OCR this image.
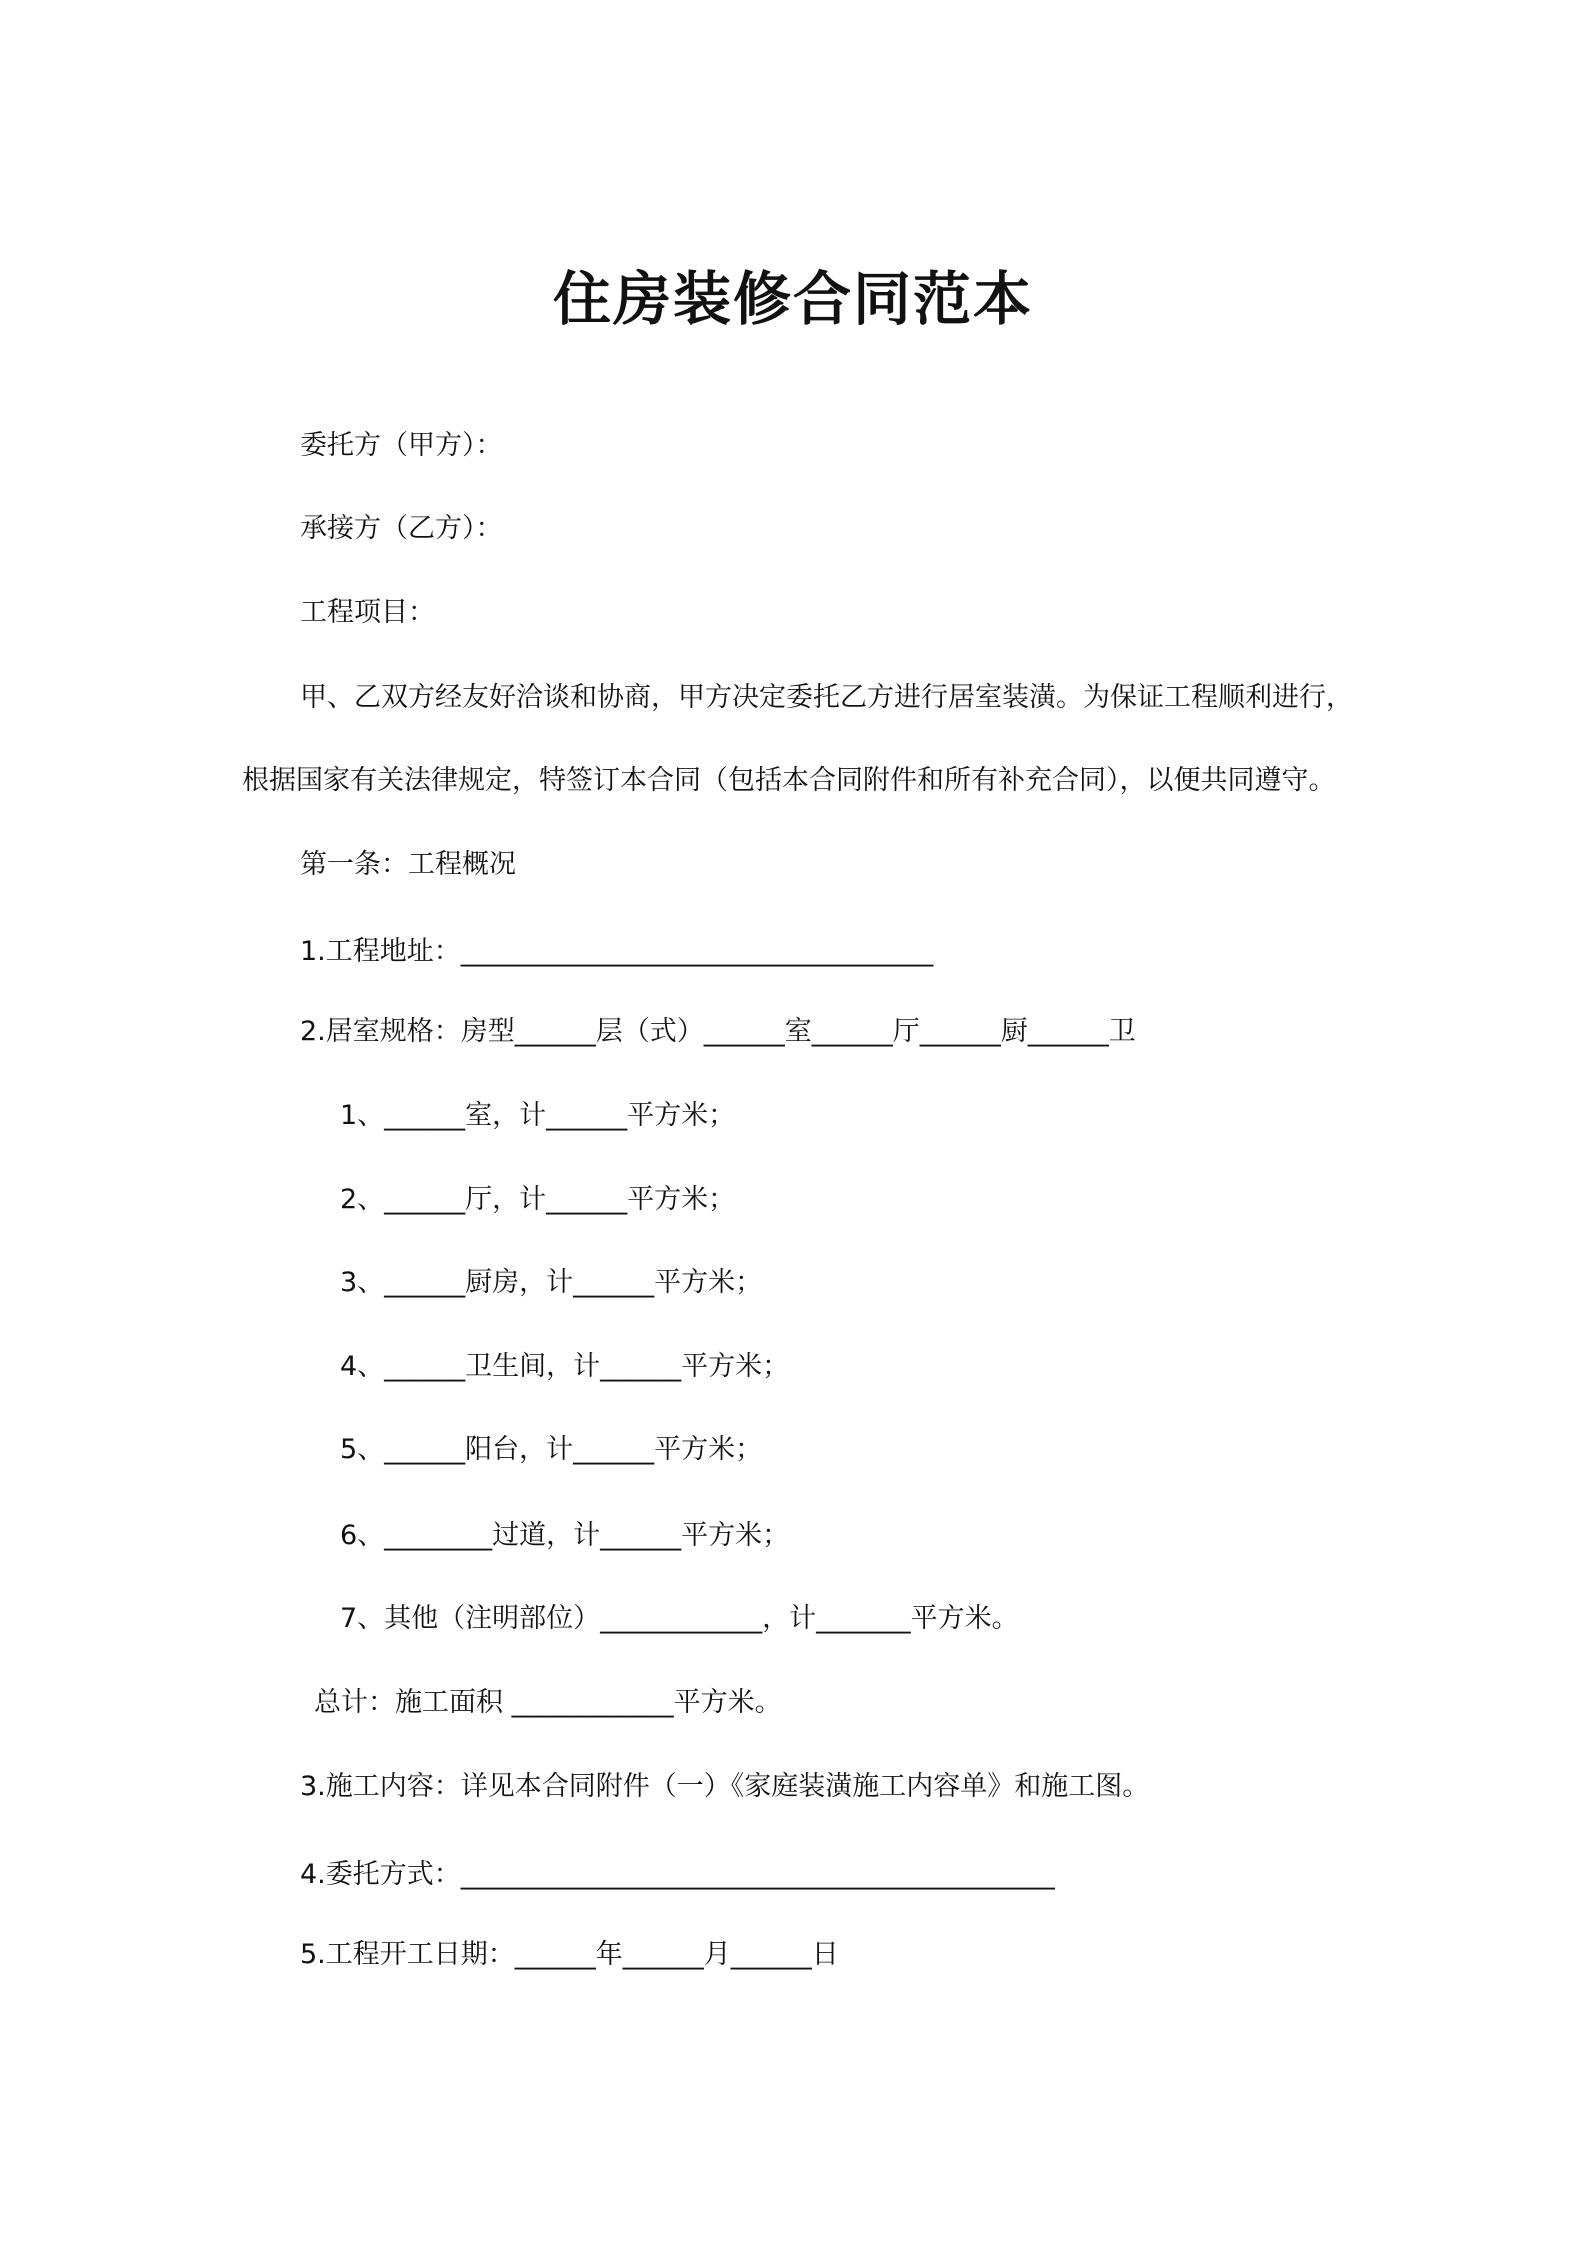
住房装修合同范本
委托方（甲方）：
承接方（乙方）：
工程项目：
甲、乙双方经友好洽谈和协商，甲方决定委托乙方进行居室装潢。为保证工程顺利进行，
根据国家有关法律规定，特签订本合同（包括本合同附件和所有补充合同），以便共同遵守。
第一条：工程概况
1.工程地址：___________________________________
2.居室规格：房型______层（式）______室______厅______厨______卫
1、______室，计______平方米；
2、______厅，计______平方米；
3、______厨房，计______平方米；
4、______卫生间，计______平方米；
5、______阳台，计______平方米；
6、________过道，计______平方米；
7、其他（注明部位）____________，计_______平方米。
总计：施工面积 ____________平方米。
3.施工内容：详见本合同附件（一）《家庭装潢施工内容单》和施工图。
4.委托方式：____________________________________________
5.工程开工日期：______年______月______日
